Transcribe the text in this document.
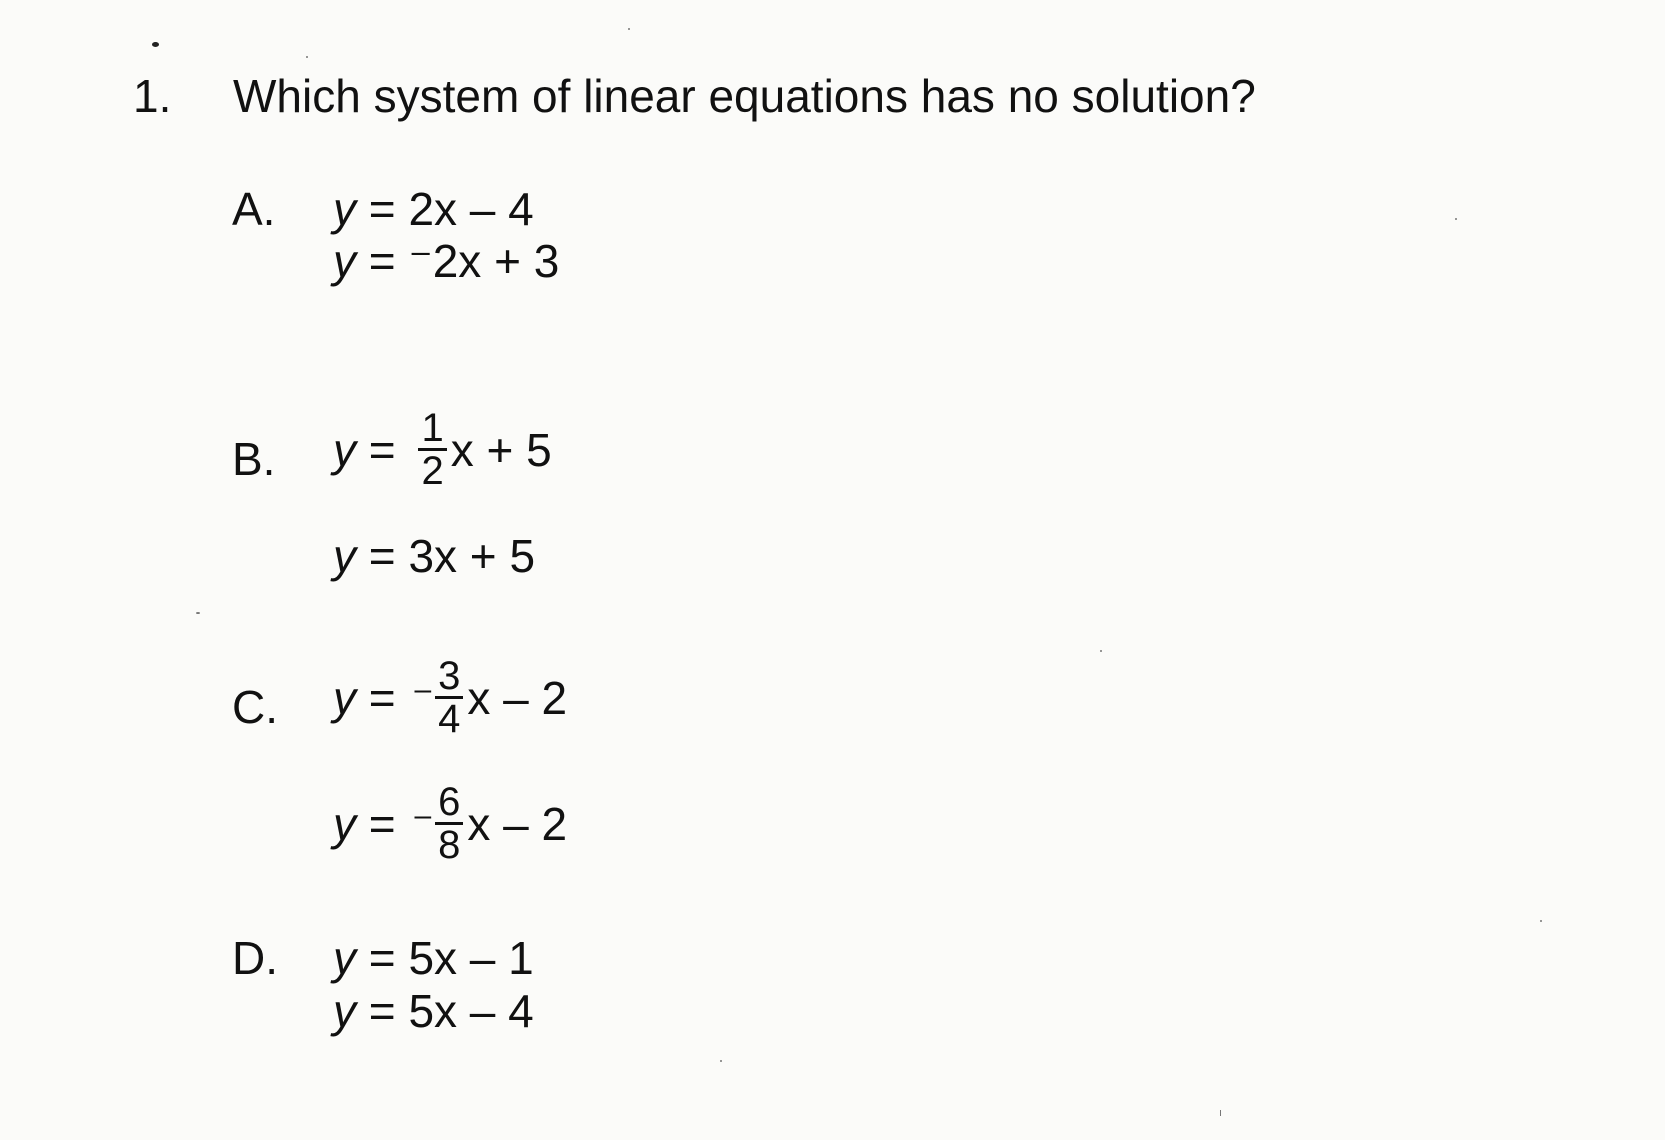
1. Which system of linear equations has no solution?
A. y = 2x – 4
y = ⁻2x + 3
B. $y = \frac{1}{2}$ x + 5
y = 3x + 5
C. y = – $\frac{3}{4}$ x – 2
y = – $\frac{6}{8}$ x – 2
D. y = 5x – 1
y = 5x – 4
